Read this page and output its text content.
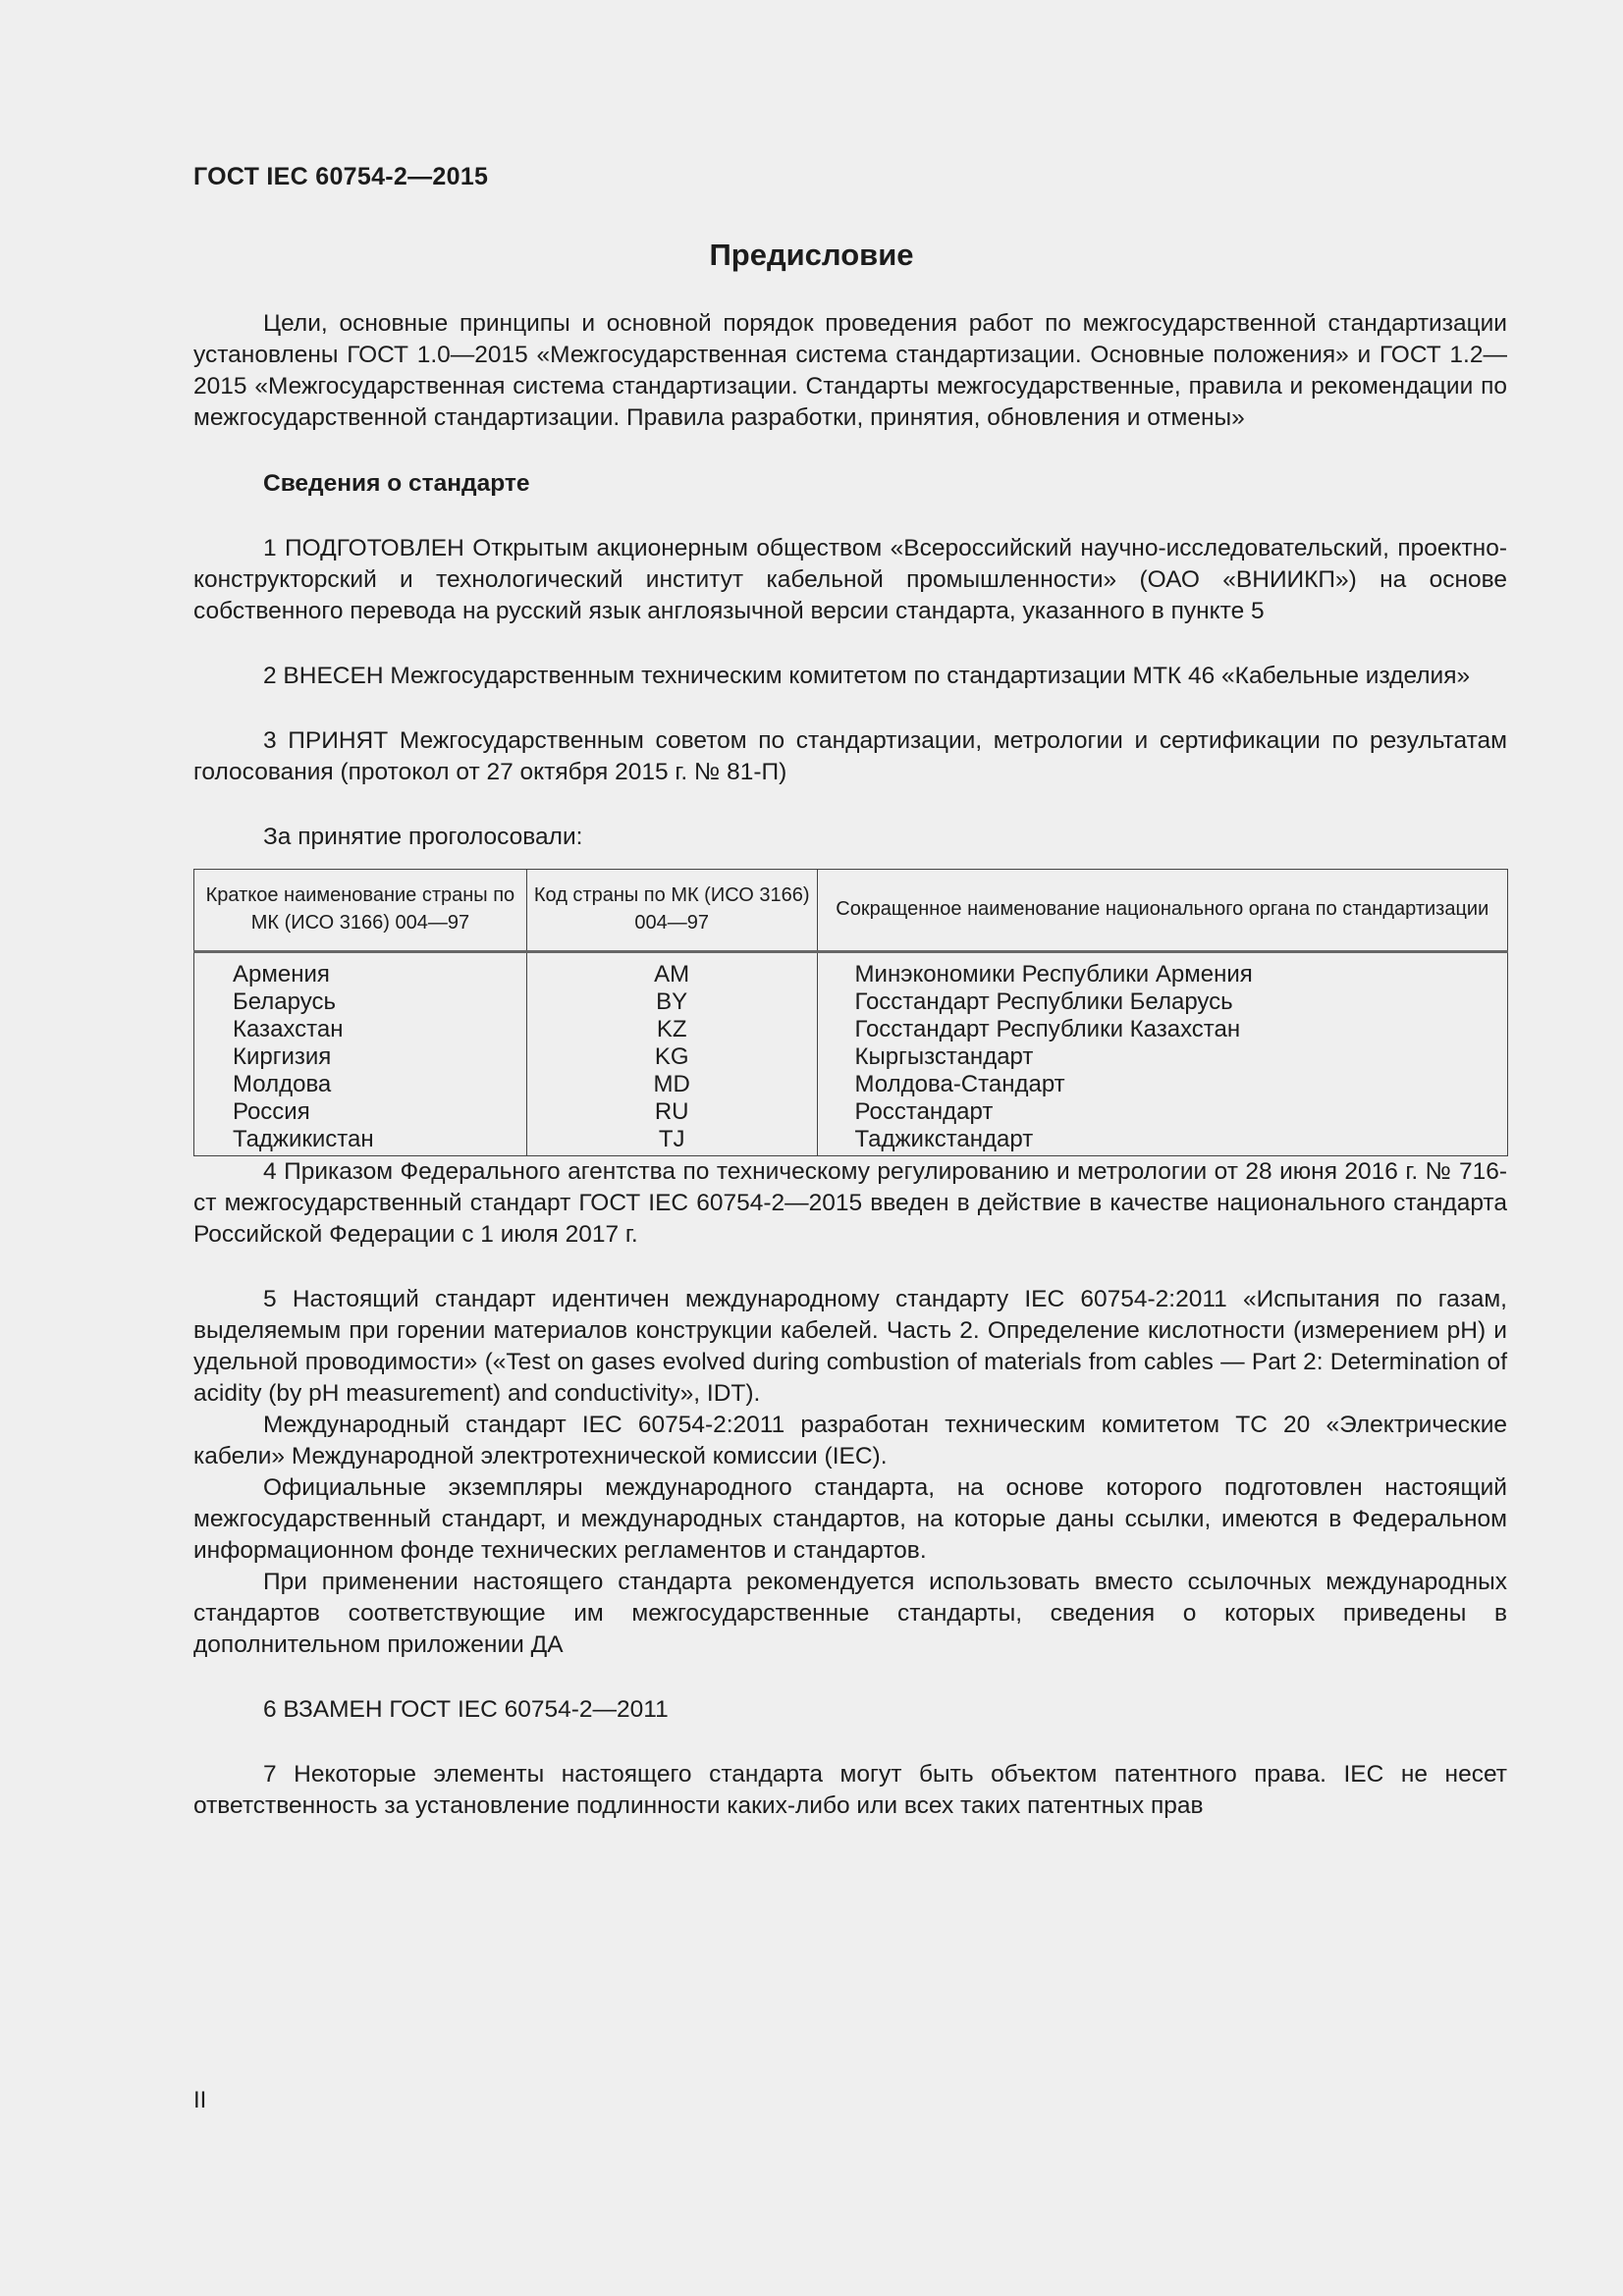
ГОСТ IEC 60754-2—2015
Предисловие

Цели, основные принципы и основной порядок проведения работ по межгосударственной стандартизации установлены ГОСТ 1.0—2015 «Межгосударственная система стандартизации. Основные положения» и ГОСТ 1.2—2015 «Межгосударственная система стандартизации. Стандарты межгосударственные, правила и рекомендации по межгосударственной стандартизации. Правила разработки, принятия, обновления и отмены»

Сведения о стандарте

1 ПОДГОТОВЛЕН Открытым акционерным обществом «Всероссийский научно-исследовательский, проектно-конструкторский и технологический институт кабельной промышленности» (ОАО «ВНИИКП») на основе собственного перевода на русский язык англоязычной версии стандарта, указанного в пункте 5

2 ВНЕСЕН Межгосударственным техническим комитетом по стандартизации МТК 46 «Кабельные изделия»

3 ПРИНЯТ Межгосударственным советом по стандартизации, метрологии и сертификации по результатам голосования (протокол от 27 октября 2015 г. № 81-П)

За принятие проголосовали:
Краткое наименование страны по МК (ИСО 3166) 004—97	Код страны по МК (ИСО 3166) 004—97	Сокращенное наименование национального органа по стандартизации
Армения	AM	Минэкономики Республики Армения
Беларусь	BY	Госстандарт Республики Беларусь
Казахстан	KZ	Госстандарт Республики Казахстан
Киргизия	KG	Кыргызстандарт
Молдова	MD	Молдова-Стандарт
Россия	RU	Росстандарт
Таджикистан	TJ	Таджикстандарт

4 Приказом Федерального агентства по техническому регулированию и метрологии от 28 июня 2016 г. № 716-ст межгосударственный стандарт ГОСТ IEC 60754-2—2015 введен в действие в качестве национального стандарта Российской Федерации с 1 июля 2017 г.

5 Настоящий стандарт идентичен международному стандарту IEC 60754-2:2011 «Испытания по газам, выделяемым при горении материалов конструкции кабелей. Часть 2. Определение кислотности (измерением pH) и удельной проводимости» («Test on gases evolved during combustion of materials from cables — Part 2: Determination of acidity (by pH measurement) and conductivity», IDT).

Международный стандарт IEC 60754-2:2011 разработан техническим комитетом TC 20 «Электрические кабели» Международной электротехнической комиссии (IEC).

Официальные экземпляры международного стандарта, на основе которого подготовлен настоящий межгосударственный стандарт, и международных стандартов, на которые даны ссылки, имеются в Федеральном информационном фонде технических регламентов и стандартов.

При применении настоящего стандарта рекомендуется использовать вместо ссылочных международных стандартов соответствующие им межгосударственные стандарты, сведения о которых приведены в дополнительном приложении ДА

6 ВЗАМЕН ГОСТ IEC 60754-2—2011

7 Некоторые элементы настоящего стандарта могут быть объектом патентного права. IEC не несет ответственность за установление подлинности каких-либо или всех таких патентных прав

II
